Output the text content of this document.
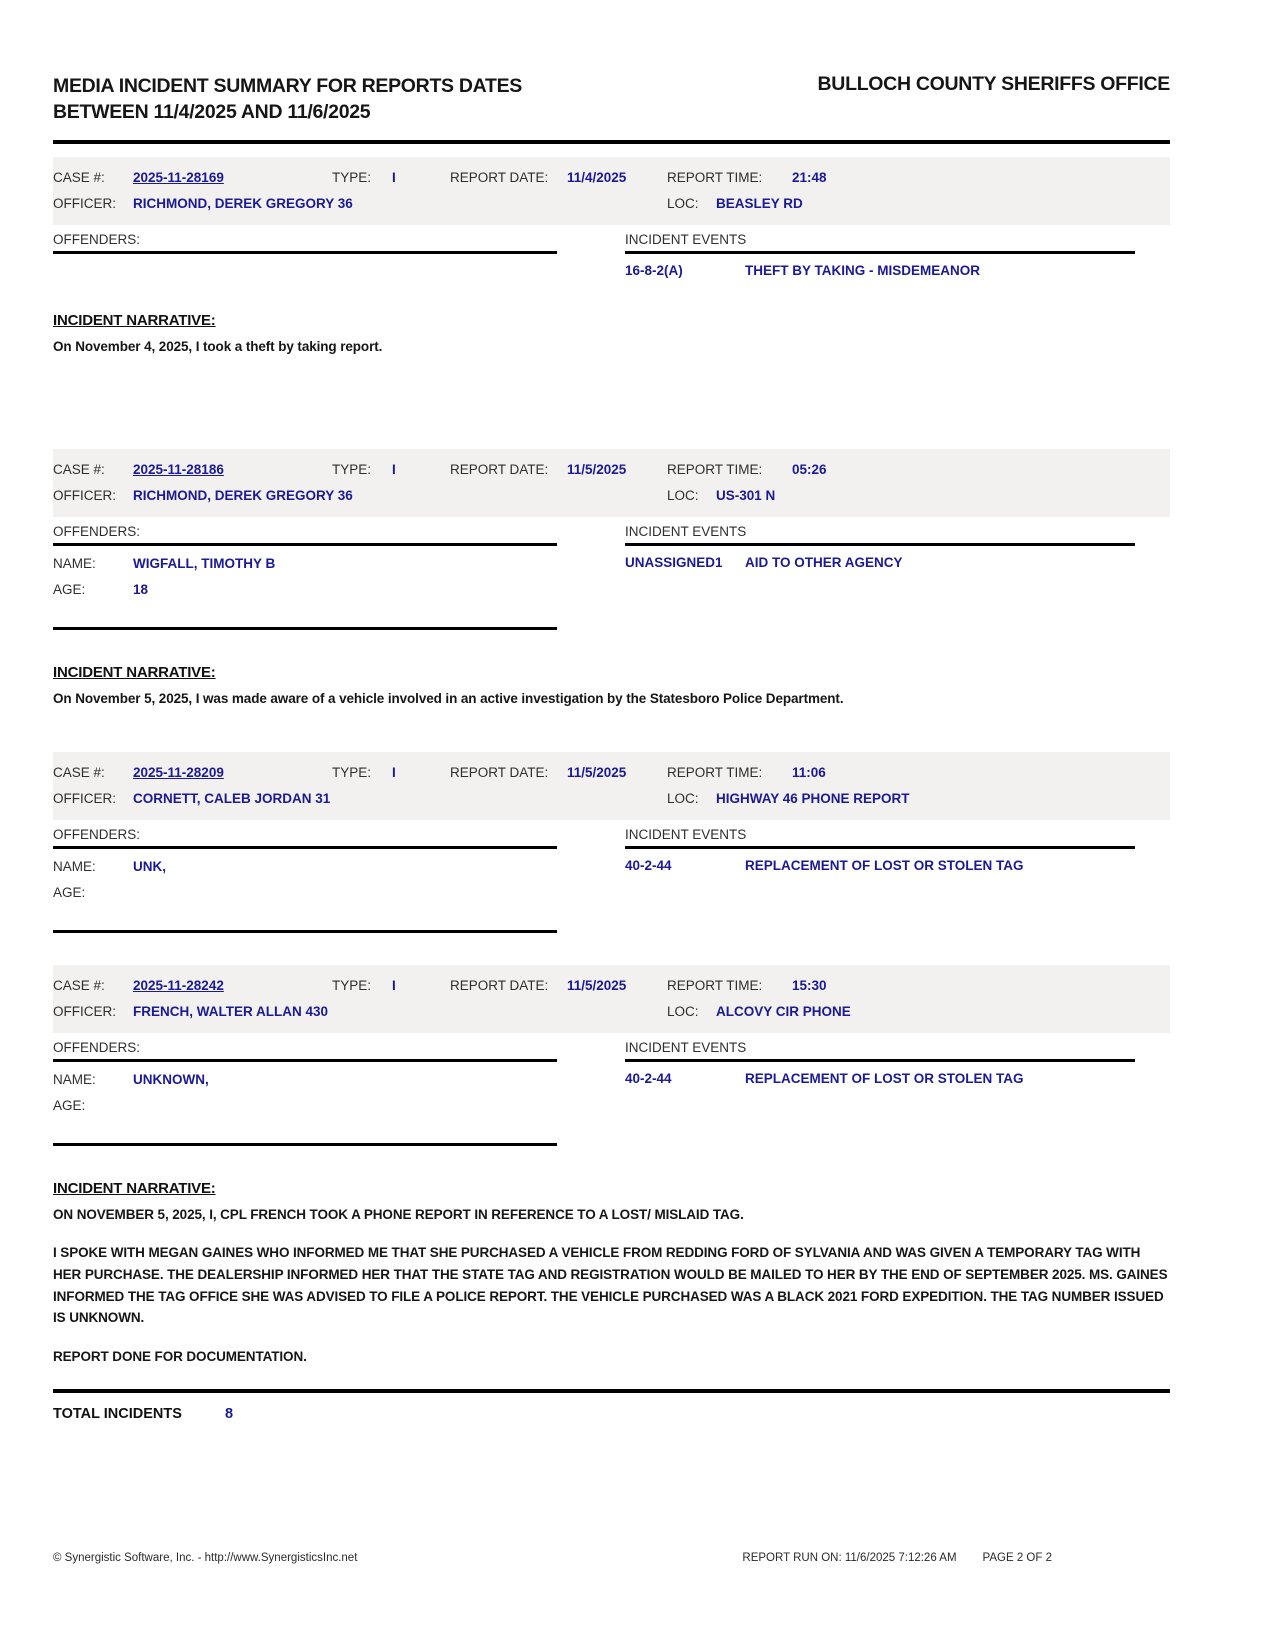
MEDIA INCIDENT SUMMARY FOR REPORTS DATES
BETWEEN 11/4/2025 AND 11/6/2025
BULLOCH COUNTY SHERIFFS OFFICE
CASE #:	2025-11-28169	TYPE:	I	REPORT DATE:	11/4/2025	REPORT TIME:	21:48
OFFICER:	RICHMOND, DEREK GREGORY 36	LOC:	BEASLEY RD
OFFENDERS:	INCIDENT EVENTS
16-8-2(A)	THEFT BY TAKING - MISDEMEANOR
INCIDENT NARRATIVE:

On November 4, 2025, I took a theft by taking report.

CASE #:	2025-11-28186	TYPE:	I	REPORT DATE:	11/5/2025	REPORT TIME:	05:26
OFFICER:	RICHMOND, DEREK GREGORY 36	LOC:	US-301 N
OFFENDERS:
NAME:	WIGFALL, TIMOTHY B
AGE:	18
INCIDENT EVENTS
UNASSIGNED1	AID TO OTHER AGENCY
INCIDENT NARRATIVE:

On November 5, 2025, I was made aware of a vehicle involved in an active investigation by the Statesboro Police Department.

CASE #:	2025-11-28209	TYPE:	I	REPORT DATE:	11/5/2025	REPORT TIME:	11:06
OFFICER:	CORNETT, CALEB JORDAN 31	LOC:	HIGHWAY 46 PHONE REPORT
OFFENDERS:
NAME:	UNK,
AGE:
INCIDENT EVENTS
40-2-44	REPLACEMENT OF LOST OR STOLEN TAG
CASE #:	2025-11-28242	TYPE:	I	REPORT DATE:	11/5/2025	REPORT TIME:	15:30
OFFICER:	FRENCH, WALTER ALLAN 430	LOC:	ALCOVY CIR PHONE
OFFENDERS:
NAME:	UNKNOWN,
AGE:
INCIDENT EVENTS
40-2-44	REPLACEMENT OF LOST OR STOLEN TAG
INCIDENT NARRATIVE:

ON NOVEMBER 5, 2025, I, CPL FRENCH TOOK A PHONE REPORT IN REFERENCE TO A LOST/ MISLAID TAG.

I SPOKE WITH MEGAN GAINES WHO INFORMED ME THAT SHE PURCHASED A VEHICLE FROM REDDING FORD OF SYLVANIA AND WAS GIVEN A TEMPORARY TAG WITH HER PURCHASE. THE DEALERSHIP INFORMED HER THAT THE STATE TAG AND REGISTRATION WOULD BE MAILED TO HER BY THE END OF SEPTEMBER 2025. MS. GAINES INFORMED THE TAG OFFICE SHE WAS ADVISED TO FILE A POLICE REPORT. THE VEHICLE PURCHASED WAS A BLACK 2021 FORD EXPEDITION. THE TAG NUMBER ISSUED IS UNKNOWN.

REPORT DONE FOR DOCUMENTATION.

TOTAL INCIDENTS	8
© Synergistic Software, Inc. - http://www.SynergisticsInc.net	REPORT RUN ON: 11/6/2025 7:12:26 AM PAGE 2 OF 2
